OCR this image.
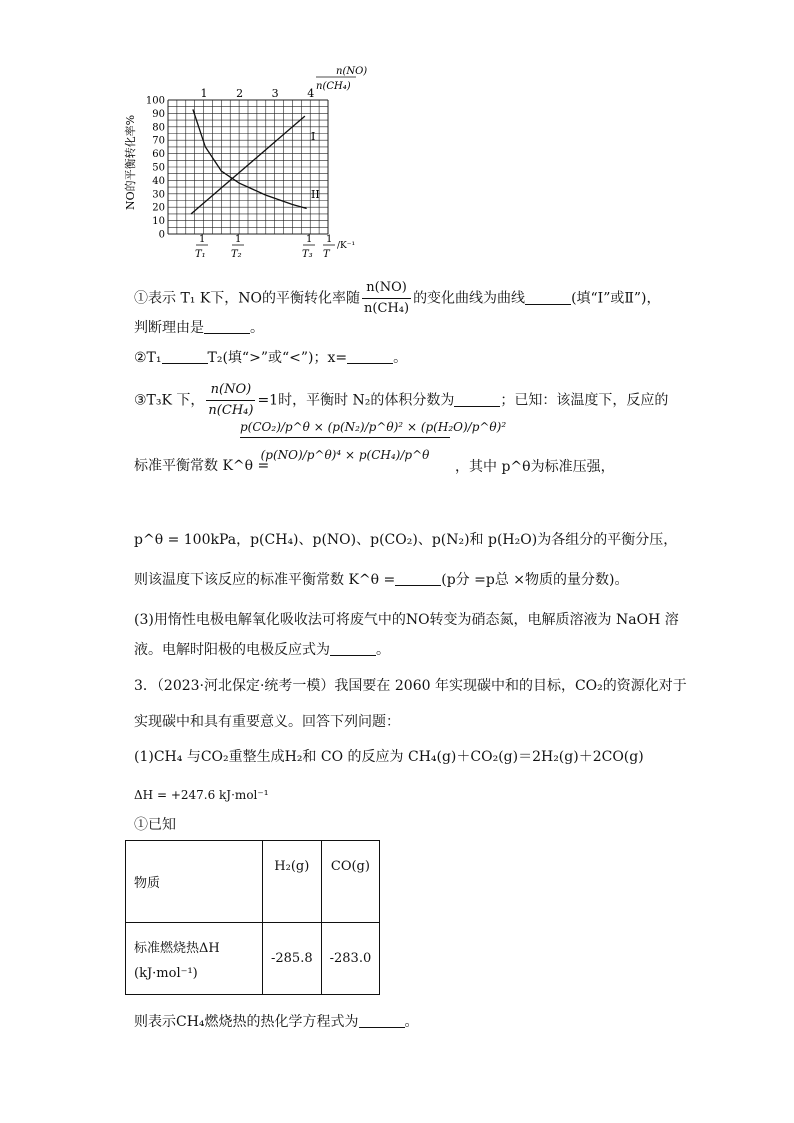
0
10
20
30
40
50
60
70
80
90
100
1	2	3	4
I
II
n(NO)
n(CH₄)
NO的平衡转化率%
1
T₁
1
T₂
1
T₃
1
T
/K⁻¹
①表示 T₁ K下，NO的平衡转化率随 $\frac{n(NO)}{\text{n(CH₄)}}$ 的变化曲线为曲线	(填“Ⅰ”或Ⅱ”)，
判断理由是	。
②T₁	T₂(填“>”或“<”)；x=	。
③T₃K 下， $\frac{n(NO)}{\text{n(CH₄)}} =1$时，平衡时 N₂的体积分数为	；已知：该温度下，反应的
标准平衡常数 K^θ =
p(CO₂)/p^θ × (p(N₂)/p^θ)² × (p(H₂O)/p^θ)²
(p(NO)/p^θ)⁴ × p(CH₄)/p^θ
，其中 p^θ为标准压强，
p^θ = 100kPa，p(CH₄)、p(NO)、p(CO₂)、p(N₂)和 p(H₂O)为各组分的平衡分压，
则该温度下该反应的标准平衡常数 K^θ =	(p分 =p总 ×物质的量分数)。
(3)用惰性电极电解氧化吸收法可将废气中的NO转变为硝态氮，电解质溶液为 NaOH 溶
液。电解时阳极的电极反应式为	。
3．（2023·河北保定·统考一模）我国要在 2060 年实现碳中和的目标，CO₂的资源化对于
实现碳中和具有重要意义。回答下列问题：
(1)CH₄ 与CO₂重整生成H₂和 CO 的反应为 CH₄(g)＋CO₂(g)＝2H₂(g)＋2CO(g)
ΔH = +247.6 kJ·mol⁻¹
①已知
物质	H₂(g)	CO(g)

标准燃烧热ΔH
(kJ·mol⁻¹)	-285.8	-283.0
则表示CH₄燃烧热的热化学方程式为	。
